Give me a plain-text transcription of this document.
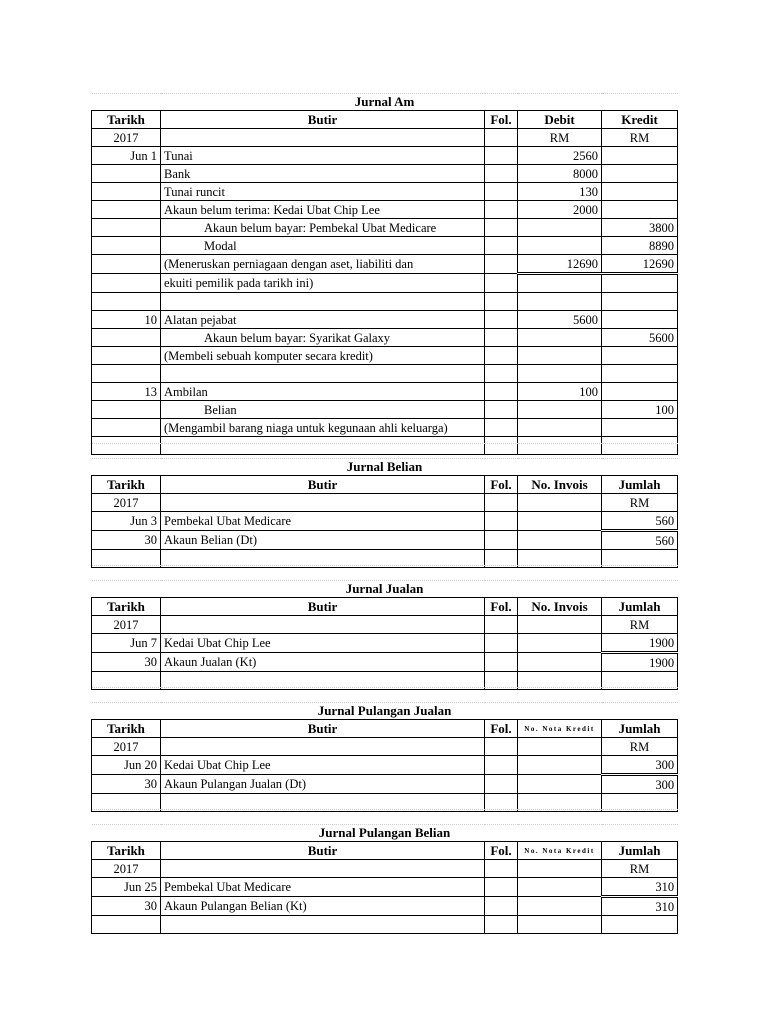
Jurnal Am				
Tarikh	Butir	Fol.	Debit	Kredit
2017			RM	RM
Jun 1	Tunai		2560	
	Bank		8000	
	Tunai runcit		130	
	Akaun belum terima: Kedai Ubat Chip Lee		2000	
	Akaun belum bayar: Pembekal Ubat Medicare			3800
	Modal			8890
	(Meneruskan perniagaan dengan aset, liabiliti dan		12690	12690
	ekuiti pemilik pada tarikh ini)			

10	Alatan pejabat		5600	
	Akaun belum bayar: Syarikat Galaxy			5600
	(Membeli sebuah komputer secara kredit)			

13	Ambilan		100	
	Belian			100
	(Mengambil barang niaga untuk kegunaan ahli keluarga)			

Jurnal Belian				
Tarikh	Butir	Fol.	No. Invois	Jumlah
2017				RM
Jun 3	Pembekal Ubat Medicare			560
30	Akaun Belian (Dt)			560

Jurnal Jualan				
Tarikh	Butir	Fol.	No. Invois	Jumlah
2017				RM
Jun 7	Kedai Ubat Chip Lee			1900
30	Akaun Jualan (Kt)			1900

Jurnal Pulangan Jualan				
Tarikh	Butir	Fol.	No. Nota Kredit	Jumlah
2017				RM
Jun 20	Kedai Ubat Chip Lee			300
30	Akaun Pulangan Jualan (Dt)			300

Jurnal Pulangan Belian				
Tarikh	Butir	Fol.	No. Nota Kredit	Jumlah
2017				RM
Jun 25	Pembekal Ubat Medicare			310
30	Akaun Pulangan Belian (Kt)			310
